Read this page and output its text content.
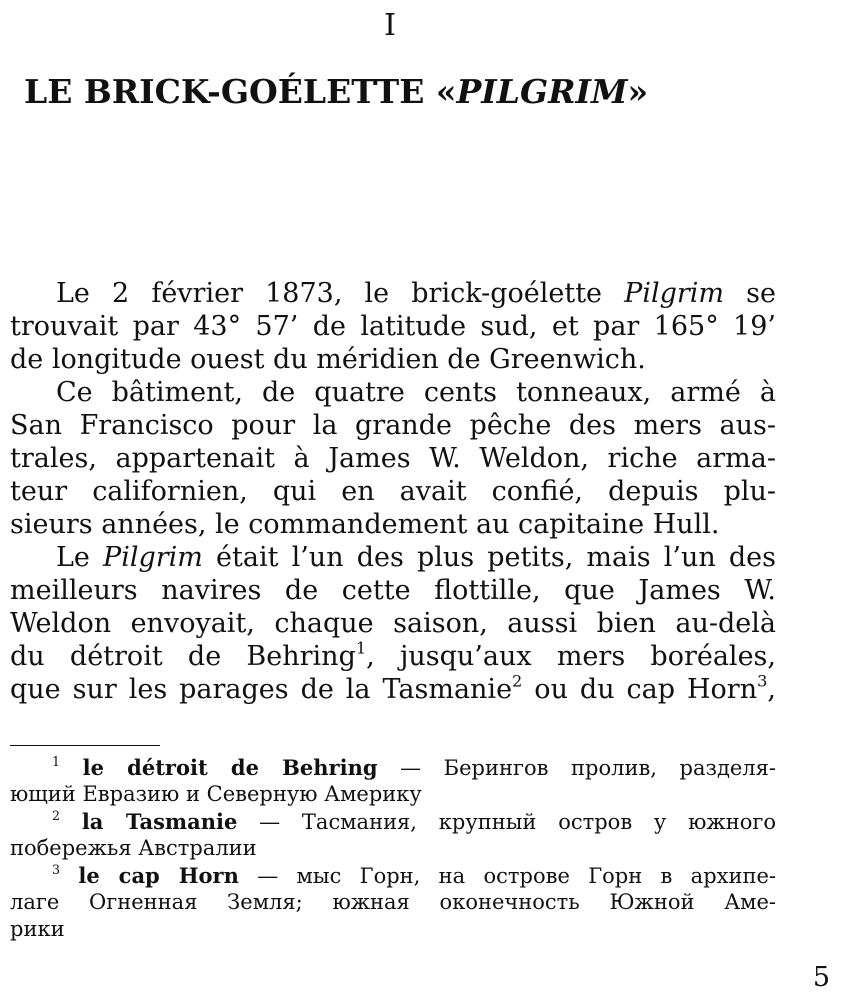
I
LE BRICK-GOÉLETTE «PILGRIM»
Le 2 février 1873, le brick-goélette Pilgrim se
trouvait par 43° 57’ de latitude sud, et par 165° 19’
de longitude ouest du méridien de Greenwich.
Ce bâtiment, de quatre cents tonneaux, armé à
San Francisco pour la grande pêche des mers aus-
trales, appartenait à James W. Weldon, riche arma-
teur californien, qui en avait confié, depuis plu-
sieurs années, le commandement au capitaine Hull.
Le Pilgrim était l’un des plus petits, mais l’un des
meilleurs navires de cette flottille, que James W.
Weldon envoyait, chaque saison, aussi bien au-delà
du détroit de Behring$^1$, jusqu’aux mers boréales,
que sur les parages de la Tasmanie$^2$ ou du cap Horn$^3$,
$^1$ le détroit de Behring — Берингов пролив, разделя-
ющий Евразию и Северную Америку
$^2$ la Tasmanie — Тасмания, крупный остров у южного
побережья Австралии
$^3$ le cap Horn — мыс Горн, на острове Горн в архипе-
лаге Огненная Земля; южная оконечность Южной Аме-
рики
5
